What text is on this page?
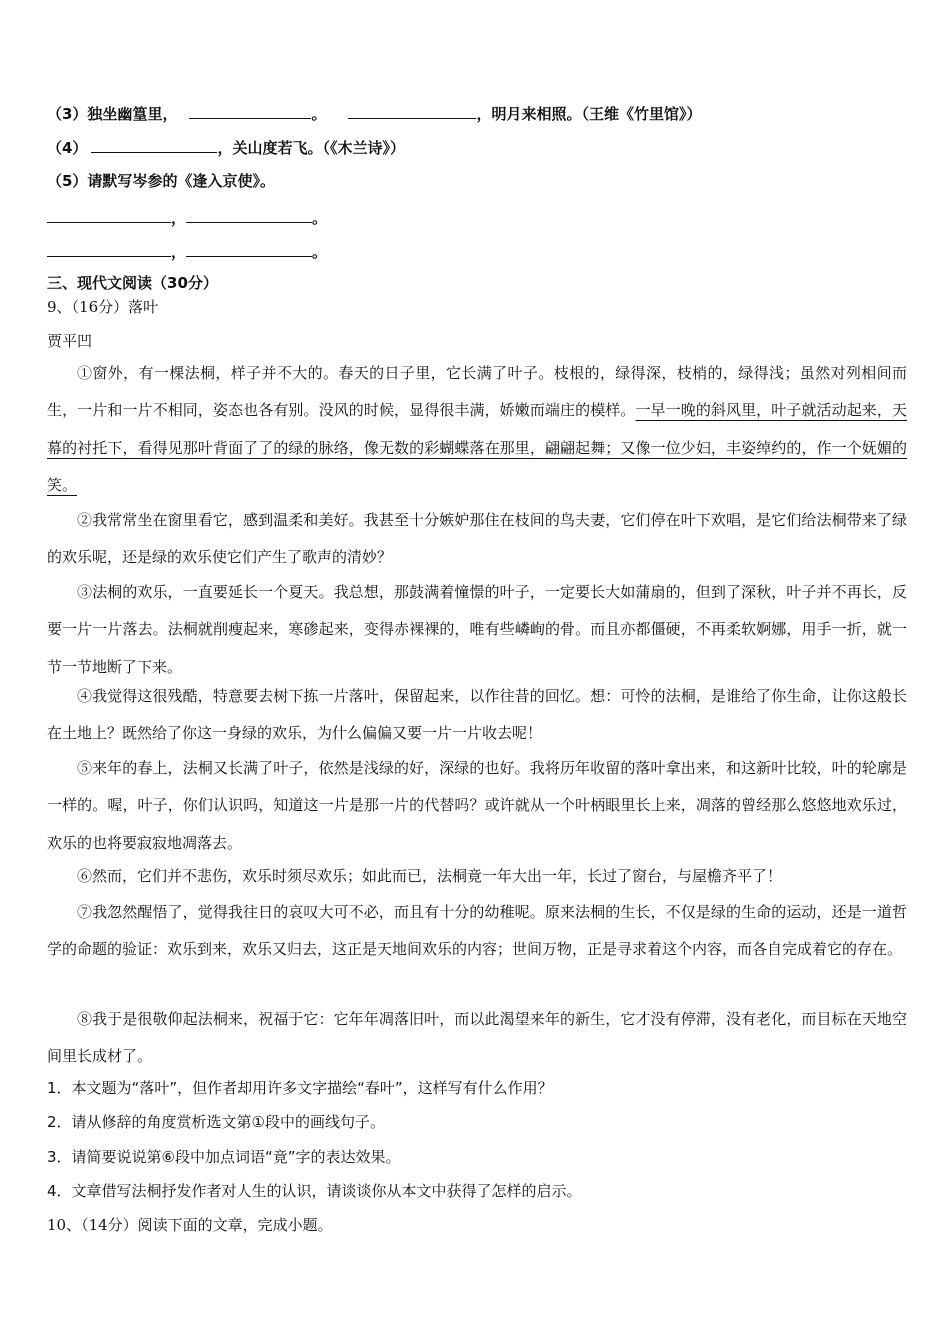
（3）独坐幽篁里，	。	，明月来相照。（王维《竹里馆》）
（4）	，关山度若飞。（《木兰诗》）
（5）请默写岑参的《逢入京使》。
，	。
，	。
三、现代文阅读（30分）
9、（16分）落叶
贾平凹
①窗外，有一棵法桐，样子并不大的。春天的日子里，它长满了叶子。枝根的，绿得深，枝梢的，绿得浅；虽然对列相间而生，一片和一片不相同，姿态也各有别。没风的时候，显得很丰满，娇嫩而端庄的模样。一早一晚的斜风里，叶子就活动起来，天幕的衬托下，看得见那叶背面了了的绿的脉络，像无数的彩蝴蝶落在那里，翩翩起舞；又像一位少妇，丰姿绰约的，作一个妩媚的笑。
②我常常坐在窗里看它，感到温柔和美好。我甚至十分嫉妒那住在枝间的鸟夫妻，它们停在叶下欢唱，是它们给法桐带来了绿的欢乐呢，还是绿的欢乐使它们产生了歌声的清妙？
③法桐的欢乐，一直要延长一个夏天。我总想，那鼓满着憧憬的叶子，一定要长大如蒲扇的，但到了深秋，叶子并不再长，反要一片一片落去。法桐就削瘦起来，寒碜起来，变得赤裸裸的，唯有些嶙峋的骨。而且亦都僵硬，不再柔软婀娜，用手一折，就一节一节地断了下来。
④我觉得这很残酷，特意要去树下拣一片落叶，保留起来，以作往昔的回忆。想：可怜的法桐，是谁给了你生命，让你这般长在土地上？既然给了你这一身绿的欢乐，为什么偏偏又要一片一片收去呢！
⑤来年的春上，法桐又长满了叶子，依然是浅绿的好，深绿的也好。我将历年收留的落叶拿出来，和这新叶比较，叶的轮廓是一样的。喔，叶子，你们认识吗，知道这一片是那一片的代替吗？或许就从一个叶柄眼里长上来，凋落的曾经那么悠悠地欢乐过，欢乐的也将要寂寂地凋落去。
⑥然而，它们并不悲伤，欢乐时须尽欢乐；如此而已，法桐竟一年大出一年，长过了窗台，与屋檐齐平了！
⑦我忽然醒悟了，觉得我往日的哀叹大可不必，而且有十分的幼稚呢。原来法桐的生长，不仅是绿的生命的运动，还是一道哲学的命题的验证：欢乐到来，欢乐又归去，这正是天地间欢乐的内容；世间万物，正是寻求着这个内容，而各自完成着它的存在。
⑧我于是很敬仰起法桐来，祝福于它：它年年凋落旧叶，而以此渴望来年的新生，它才没有停滞，没有老化，而目标在天地空间里长成材了。
1．本文题为“落叶”，但作者却用许多文字描绘“春叶”，这样写有什么作用？
2．请从修辞的角度赏析选文第①段中的画线句子。
3．请简要说说第⑥段中加点词语“竟”字的表达效果。
4．文章借写法桐抒发作者对人生的认识，请谈谈你从本文中获得了怎样的启示。
10、（14分）阅读下面的文章，完成小题。
